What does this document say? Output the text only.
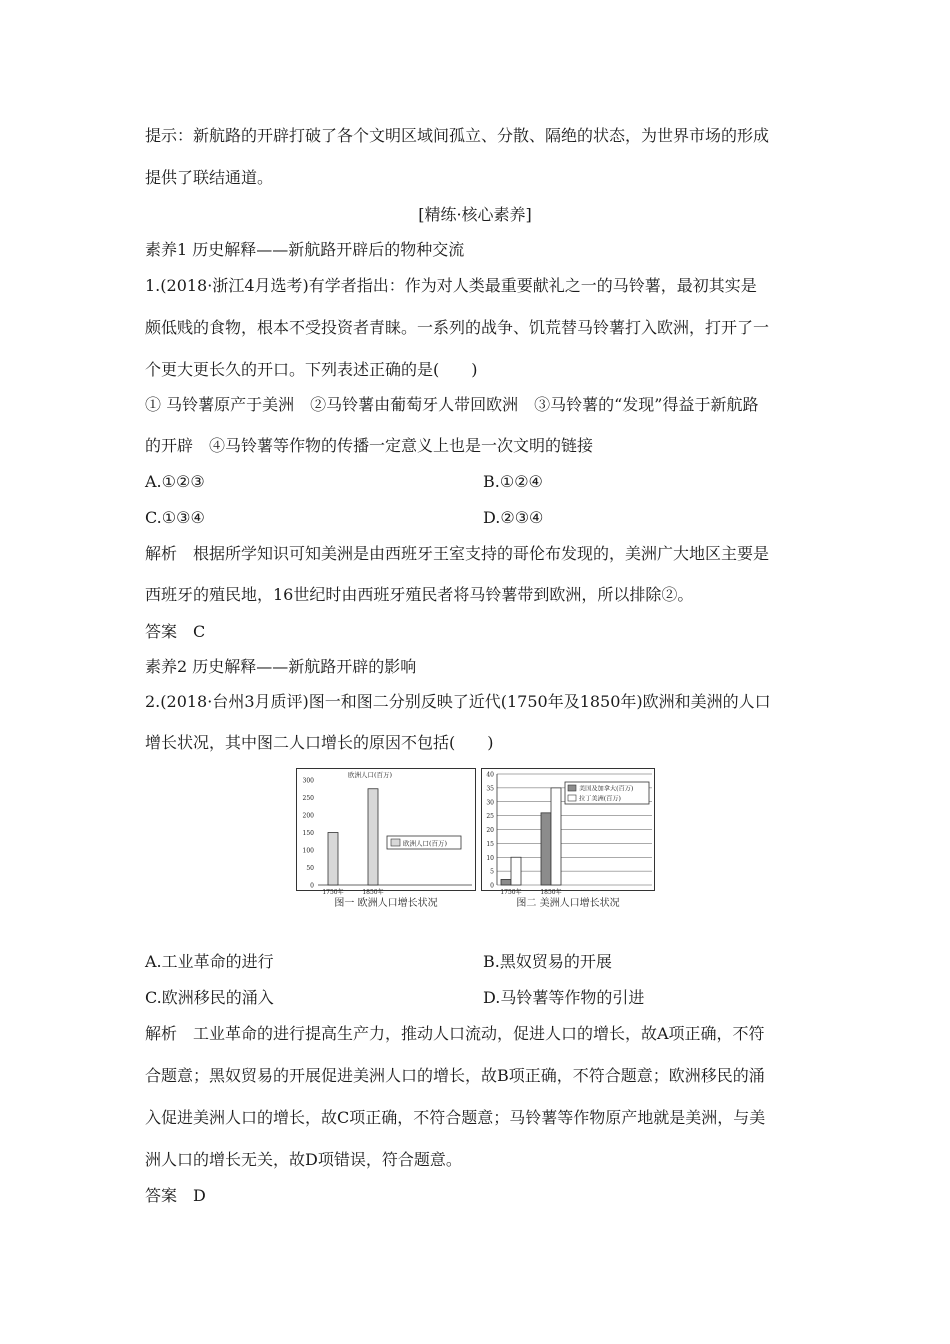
提示：新航路的开辟打破了各个文明区域间孤立、分散、隔绝的状态，为世界市场的形成
提供了联结通道。
[精练·核心素养]
素养1 历史解释——新航路开辟后的物种交流
1.(2018·浙江4月选考)有学者指出：作为对人类最重要献礼之一的马铃薯，最初其实是
颇低贱的食物，根本不受投资者青睐。一系列的战争、饥荒替马铃薯打入欧洲，打开了一
个更大更长久的开口。下列表述正确的是(　　)
① 马铃薯原产于美洲　②马铃薯由葡萄牙人带回欧洲　③马铃薯的“发现”得益于新航路
的开辟　④马铃薯等作物的传播一定意义上也是一次文明的链接
A.①②③	B.①②④
C.①③④	D.②③④
解析　根据所学知识可知美洲是由西班牙王室支持的哥伦布发现的，美洲广大地区主要是
西班牙的殖民地，16世纪时由西班牙殖民者将马铃薯带到欧洲，所以排除②。
答案　C
素养2 历史解释——新航路开辟的影响
2.(2018·台州3月质评)图一和图二分别反映了近代(1750年及1850年)欧洲和美洲的人口
增长状况，其中图二人口增长的原因不包括(　　)
0
50
100
150
200
250
300
欧洲人口(百万)
1750年	1850年
欧洲人口(百万)
图一 欧洲人口增长状况
0
5
10
15
20
25
30
35
40
1750年	1850年
美国及加拿大(百万)
拉丁美洲(百万)
图二 美洲人口增长状况
A.工业革命的进行	B.黑奴贸易的开展
C.欧洲移民的涌入	D.马铃薯等作物的引进
解析　工业革命的进行提高生产力，推动人口流动，促进人口的增长，故A项正确，不符
合题意；黑奴贸易的开展促进美洲人口的增长，故B项正确，不符合题意；欧洲移民的涌
入促进美洲人口的增长，故C项正确，不符合题意；马铃薯等作物原产地就是美洲，与美
洲人口的增长无关，故D项错误，符合题意。
答案　D
